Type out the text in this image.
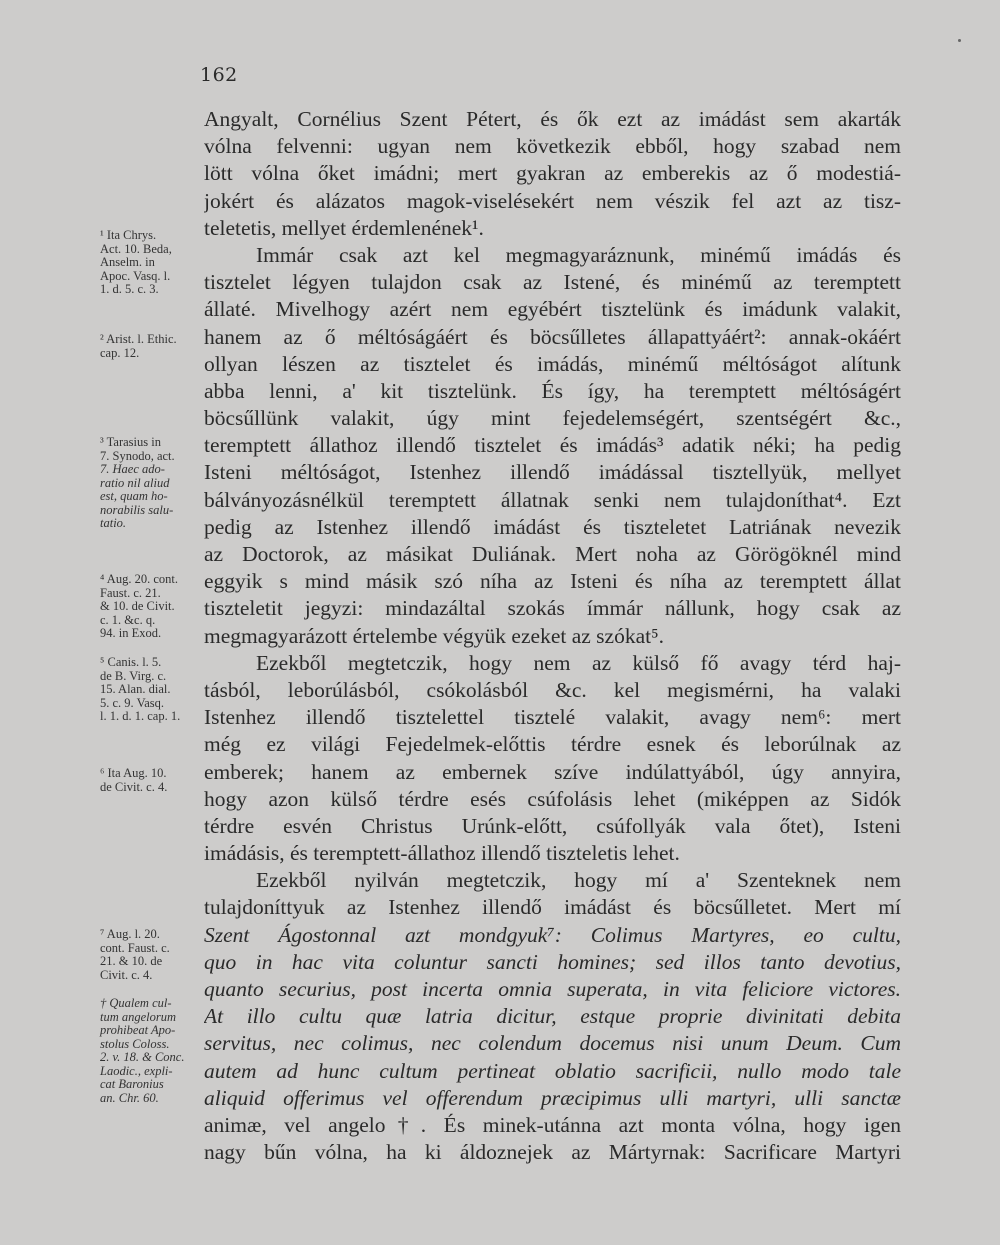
162
Angyalt, Cornélius Szent Pétert, és ők ezt az imádást sem akarták
vólna felvenni: ugyan nem következik ebből, hogy szabad nem
lött vólna őket imádni; mert gyakran az emberekis az ő modestiá-
jokért és alázatos magok-viselésekért nem vészik fel azt az tisz-
teletetis, mellyet érdemlenének¹.
Immár csak azt kel megmagyaráznunk, minémű imádás és
tisztelet légyen tulajdon csak az Istené, és minémű az teremptett
állaté. Mivelhogy azért nem egyébért tisztelünk és imádunk valakit,
hanem az ő méltóságáért és böcsűlletes állapattyáért²: annak-okáért
ollyan lészen az tisztelet és imádás, minémű méltóságot alítunk
abba lenni, a' kit tisztelünk. És így, ha teremptett méltóságért
böcsűllünk valakit, úgy mint fejedelemségért, szentségért &c.,
teremptett állathoz illendő tisztelet és imádás³ adatik néki; ha pedig
Isteni méltóságot, Istenhez illendő imádással tisztellyük, mellyet
bálványozásnélkül teremptett állatnak senki nem tulajdoníthat⁴. Ezt
pedig az Istenhez illendő imádást és tiszteletet Latriának nevezik
az Doctorok, az másikat Duliának. Mert noha az Görögöknél mind
eggyik s mind másik szó níha az Isteni és níha az teremptett állat
tiszteletit jegyzi: mindazáltal szokás ímmár nállunk, hogy csak az
megmagyarázott értelembe végyük ezeket az szókat⁵.
Ezekből megtetczik, hogy nem az külső fő avagy térd haj-
tásból, leborúlásból, csókolásból &c. kel megismérni, ha valaki
Istenhez illendő tisztelettel tisztelé valakit, avagy nem⁶: mert
még ez világi Fejedelmek-előttis térdre esnek és leborúlnak az
emberek; hanem az embernek szíve indúlattyából, úgy annyira,
hogy azon külső térdre esés csúfolásis lehet (miképpen az Sidók
térdre esvén Christus Urúnk-előtt, csúfollyák vala őtet), Isteni
imádásis, és teremptett-állathoz illendő tiszteletis lehet.
Ezekből nyilván megtetczik, hogy mí a' Szenteknek nem
tulajdoníttyuk az Istenhez illendő imádást és böcsűlletet. Mert mí
Szent Ágostonnal azt mondgyuk⁷: Colimus Martyres, eo cultu,
quo in hac vita coluntur sancti homines; sed illos tanto devotius,
quanto securius, post incerta omnia superata, in vita feliciore victores.
At illo cultu quæ latria dicitur, estque proprie divinitati debita
servitus, nec colimus, nec colendum docemus nisi unum Deum. Cum
autem ad hunc cultum pertineat oblatio sacrificii, nullo modo tale
aliquid offerimus vel offerendum præcipimus ulli martyri, ulli sanctæ
animæ, vel angelo†. És minek-utánna azt monta vólna, hogy igen
nagy bűn vólna, ha ki áldoznejek az Mártyrnak: Sacrificare Martyri
¹ Ita Chrys.
Act. 10. Beda,
Anselm. in
Apoc. Vasq. l.
1. d. 5. c. 3.
² Arist. l. Ethic.
cap. 12.
³ Tarasius in
7. Synodo, act.
7. Haec ado-
ratio nil aliud
est, quam ho-
norabilis salu-
tatio.
⁴ Aug. 20. cont.
Faust. c. 21.
& 10. de Civit.
c. 1. &c. q.
94. in Exod.
⁵ Canis. l. 5.
de B. Virg. c.
15. Alan. dial.
5. c. 9. Vasq.
l. 1. d. 1. cap. 1.
⁶ Ita Aug. 10.
de Civit. c. 4.
⁷ Aug. l. 20.
cont. Faust. c.
21. & 10. de
Civit. c. 4.
† Qualem cul-
tum angelorum
prohibeat Apo-
stolus Coloss.
2. v. 18. & Conc.
Laodic., expli-
cat Baronius
an. Chr. 60.
